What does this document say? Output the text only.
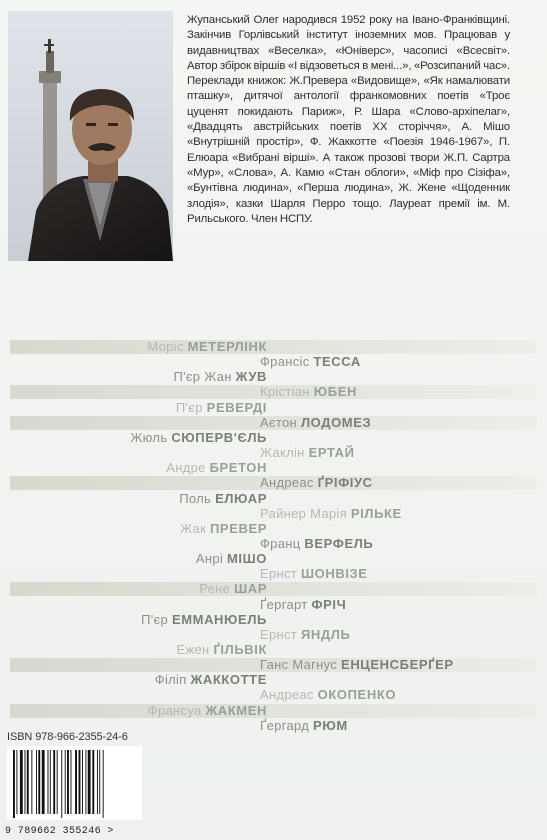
Жупанський Олег народився 1952 року на Івано-Франківщині. Закінчив Горлівський інститут іноземних мов. Працював у видавництвах «Веселка», «Юніверс», часописі «Всесвіт». Автор збірок віршів «І відзоветься в мені...», «Розсипаний час». Переклади книжок: Ж.Превера «Видовище», «Як намалювати пташку», дитячої антології франкомовних поетів «Троє цуценят покидають Париж», Р. Шара «Слово-архіпелаг», «Двадцять австрійських поетів XX сторіччя», А. Мішо «Внутрішній простір», Ф. Жаккотте «Поезія 1946-1967», П. Елюара «Вибрані вірші». А також прозові твори Ж.П. Сартра «Мур», «Слова», А. Камю «Стан облоги», «Міф про Сізіфа», «Бунтівна людина», «Перша людина», Ж. Жене «Щоденник злодія», казки Шарля Перро тощо. Лауреат премії ім. М. Рильського. Член НСПУ.
Моріс МЕТЕРЛІНК
Франсіс ТЕССА
П'єр Жан ЖУВ
Крістіан ЮБЕН
П'єр РЕВЕРДІ
Аєтон ЛОДОМЕЗ
Жюль СЮПЕРВ'ЄЛЬ
Жаклін ЕРТАЙ
Андре БРЕТОН
Андреас ҐРІФІУС
Поль ЕЛЮАР
Райнер Марія РІЛЬКЕ
Жак ПРЕВЕР
Франц ВЕРФЕЛЬ
Анрі МІШО
Ернст ШОНВІЗЕ
Рене ШАР
Ґергарт ФРІЧ
П'єр ЕММАНЮЕЛЬ
Ернст ЯНДЛЬ
Ежен ҐІЛЬВІК
Ганс Магнус ЕНЦЕНСБЕРҐЕР
Філіп ЖАККОТТЕ
Андреас ОКОПЕНКО
Франсуа ЖАКМЕН
Ґергард РЮМ
ISBN 978-966-2355-24-6
9 789662 355246 >
